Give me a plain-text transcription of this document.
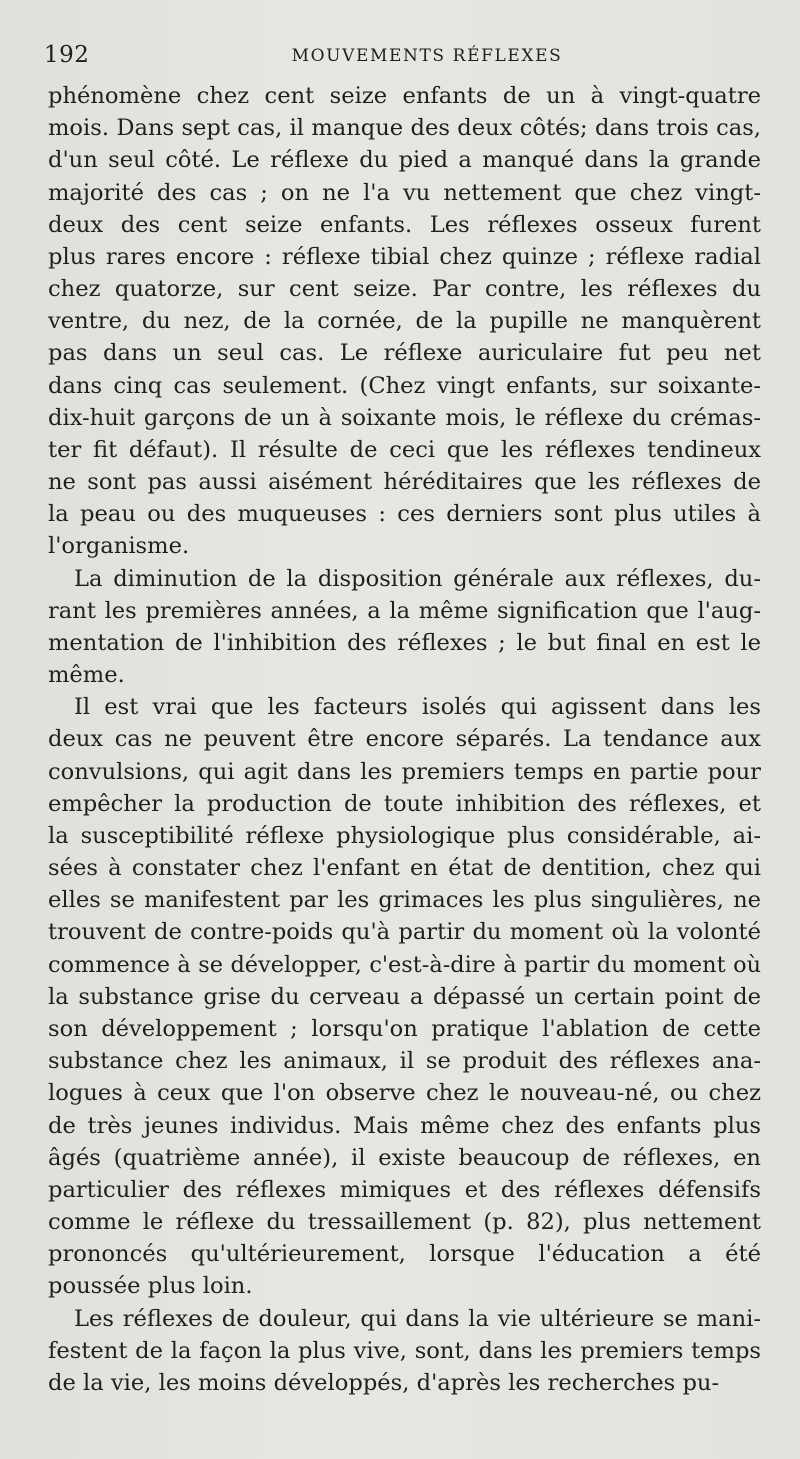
192	MOUVEMENTS RÉFLEXES
phénomène chez cent seize enfants de un à vingt-quatre
mois. Dans sept cas, il manque des deux côtés; dans trois cas,
d'un seul côté. Le réflexe du pied a manqué dans la grande
majorité des cas ; on ne l'a vu nettement que chez vingt-
deux des cent seize enfants. Les réflexes osseux furent
plus rares encore : réflexe tibial chez quinze ; réflexe radial
chez quatorze, sur cent seize. Par contre, les réflexes du
ventre, du nez, de la cornée, de la pupille ne manquèrent
pas dans un seul cas. Le réflexe auriculaire fut peu net
dans cinq cas seulement. (Chez vingt enfants, sur soixante-
dix-huit garçons de un à soixante mois, le réflexe du crémas-
ter fit défaut). Il résulte de ceci que les réflexes tendineux
ne sont pas aussi aisément héréditaires que les réflexes de
la peau ou des muqueuses : ces derniers sont plus utiles à
l'organisme.
La diminution de la disposition générale aux réflexes, du-
rant les premières années, a la même signification que l'aug-
mentation de l'inhibition des réflexes ; le but final en est le
même.
Il est vrai que les facteurs isolés qui agissent dans les
deux cas ne peuvent être encore séparés. La tendance aux
convulsions, qui agit dans les premiers temps en partie pour
empêcher la production de toute inhibition des réflexes, et
la susceptibilité réflexe physiologique plus considérable, ai-
sées à constater chez l'enfant en état de dentition, chez qui
elles se manifestent par les grimaces les plus singulières, ne
trouvent de contre-poids qu'à partir du moment où la volonté
commence à se développer, c'est-à-dire à partir du moment où
la substance grise du cerveau a dépassé un certain point de
son développement ; lorsqu'on pratique l'ablation de cette
substance chez les animaux, il se produit des réflexes ana-
logues à ceux que l'on observe chez le nouveau-né, ou chez
de très jeunes individus. Mais même chez des enfants plus
âgés (quatrième année), il existe beaucoup de réflexes, en
particulier des réflexes mimiques et des réflexes défensifs
comme le réflexe du tressaillement (p. 82), plus nettement
prononcés qu'ultérieurement, lorsque l'éducation a été
poussée plus loin.
Les réflexes de douleur, qui dans la vie ultérieure se mani-
festent de la façon la plus vive, sont, dans les premiers temps
de la vie, les moins développés, d'après les recherches pu-
